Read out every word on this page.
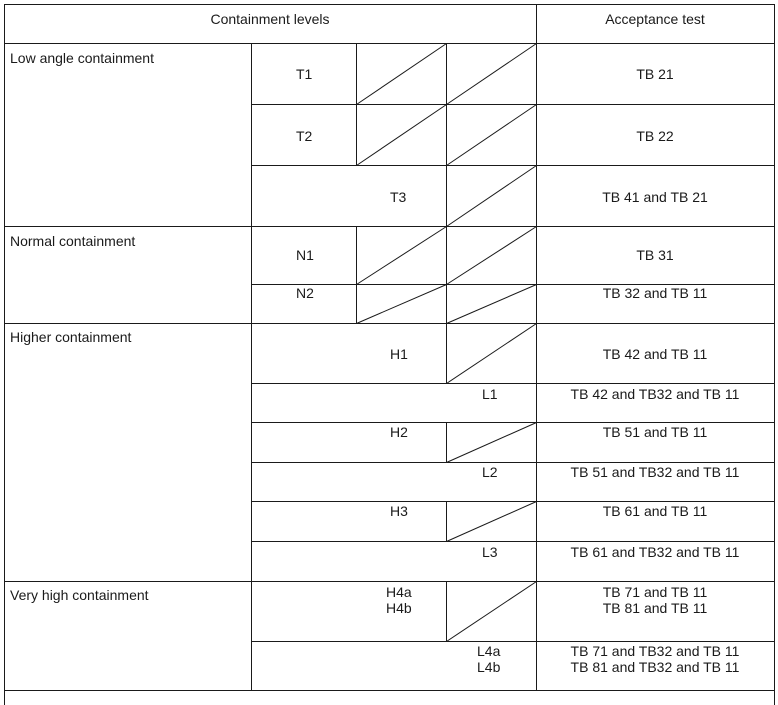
Containment levels	Acceptance test
Low angle containment
Normal containment
Higher containment
Very high containment
T1
T2
T3
N1
N2
H1
L1
H2
L2
H3
L3
H4a
H4b
L4a
L4b
TB 21
TB 22
TB 41 and TB 21
TB 31
TB 32 and TB 11
TB 42 and TB 11
TB 42 and TB32 and TB 11
TB 51 and TB 11
TB 51 and TB32 and TB 11
TB 61 and TB 11
TB 61 and TB32 and TB 11
TB 71 and TB 11
TB 81 and TB 11
TB 71 and TB32 and TB 11
TB 81 and TB32 and TB 11
